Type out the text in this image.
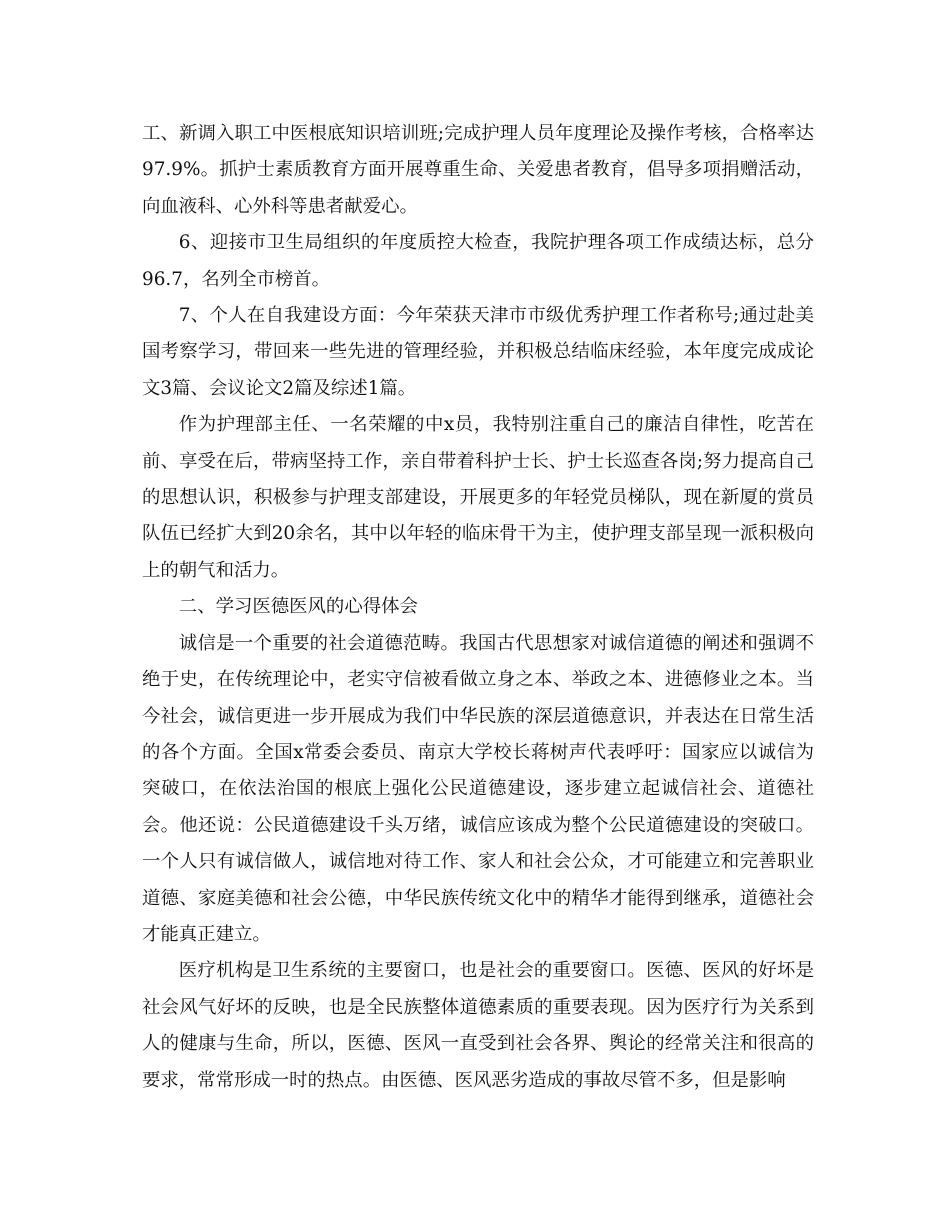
工、新调入职工中医根底知识培训班;完成护理人员年度理论及操作考核，合格率达97.9%。抓护士素质教育方面开展尊重生命、关爱患者教育，倡导多项捐赠活动，向血液科、心外科等患者献爱心。

6、迎接市卫生局组织的年度质控大检查，我院护理各项工作成绩达标，总分96.7，名列全市榜首。

7、个人在自我建设方面：今年荣获天津市市级优秀护理工作者称号;通过赴美国考察学习，带回来一些先进的管理经验，并积极总结临床经验，本年度完成成论文3篇、会议论文2篇及综述1篇。

作为护理部主任、一名荣耀的中x员，我特别注重自己的廉洁自律性，吃苦在前、享受在后，带病坚持工作，亲自带着科护士长、护士长巡查各岗;努力提高自己的思想认识，积极参与护理支部建设，开展更多的年轻党员梯队，现在新厦的赏员队伍已经扩大到20余名，其中以年轻的临床骨干为主，使护理支部呈现一派积极向上的朝气和活力。

二、学习医德医风的心得体会

诚信是一个重要的社会道德范畴。我国古代思想家对诚信道德的阐述和强调不绝于史，在传统理论中，老实守信被看做立身之本、举政之本、进德修业之本。当今社会，诚信更进一步开展成为我们中华民族的深层道德意识，并表达在日常生活的各个方面。全国x常委会委员、南京大学校长蒋树声代表呼吁：国家应以诚信为突破口，在依法治国的根底上强化公民道德建设，逐步建立起诚信社会、道德社会。他还说：公民道德建设千头万绪，诚信应该成为整个公民道德建设的突破口。一个人只有诚信做人，诚信地对待工作、家人和社会公众，才可能建立和完善职业道德、家庭美德和社会公德，中华民族传统文化中的精华才能得到继承，道德社会才能真正建立。

医疗机构是卫生系统的主要窗口，也是社会的重要窗口。医德、医风的好坏是社会风气好坏的反映，也是全民族整体道德素质的重要表现。因为医疗行为关系到人的健康与生命，所以，医德、医风一直受到社会各界、舆论的经常关注和很高的要求，常常形成一时的热点。由医德、医风恶劣造成的事故尽管不多，但是影响
